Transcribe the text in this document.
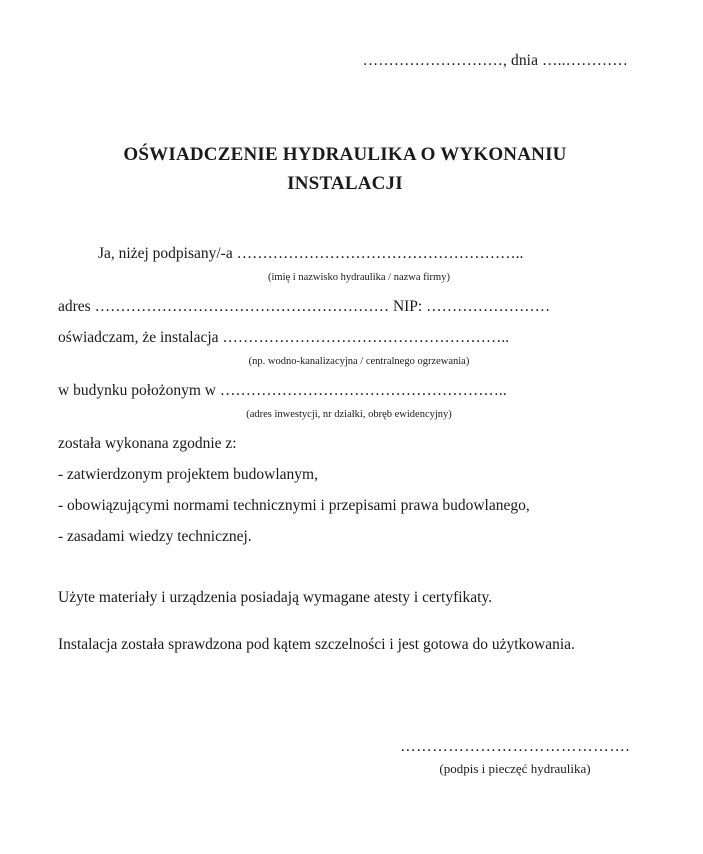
………………………, dnia …..…………
OŚWIADCZENIE HYDRAULIKA O WYKONANIU
INSTALACJI

Ja, niżej podpisany/-a ………………………………………………..

(imię i nazwisko hydraulika / nazwa firmy)

adres ………………………………………………… NIP: ……………………

oświadczam, że instalacja ………………………………………………..

(np. wodno-kanalizacyjna / centralnego ogrzewania)

w budynku położonym w ………………………………………………..

(adres inwestycji, nr działki, obręb ewidencyjny)

została wykonana zgodnie z:

- zatwierdzonym projektem budowlanym,

- obowiązującymi normami technicznymi i przepisami prawa budowlanego,

- zasadami wiedzy technicznej.

Użyte materiały i urządzenia posiadają wymagane atesty i certyfikaty.

Instalacja została sprawdzona pod kątem szczelności i jest gotowa do użytkowania.

…………………………………….
(podpis i pieczęć hydraulika)
